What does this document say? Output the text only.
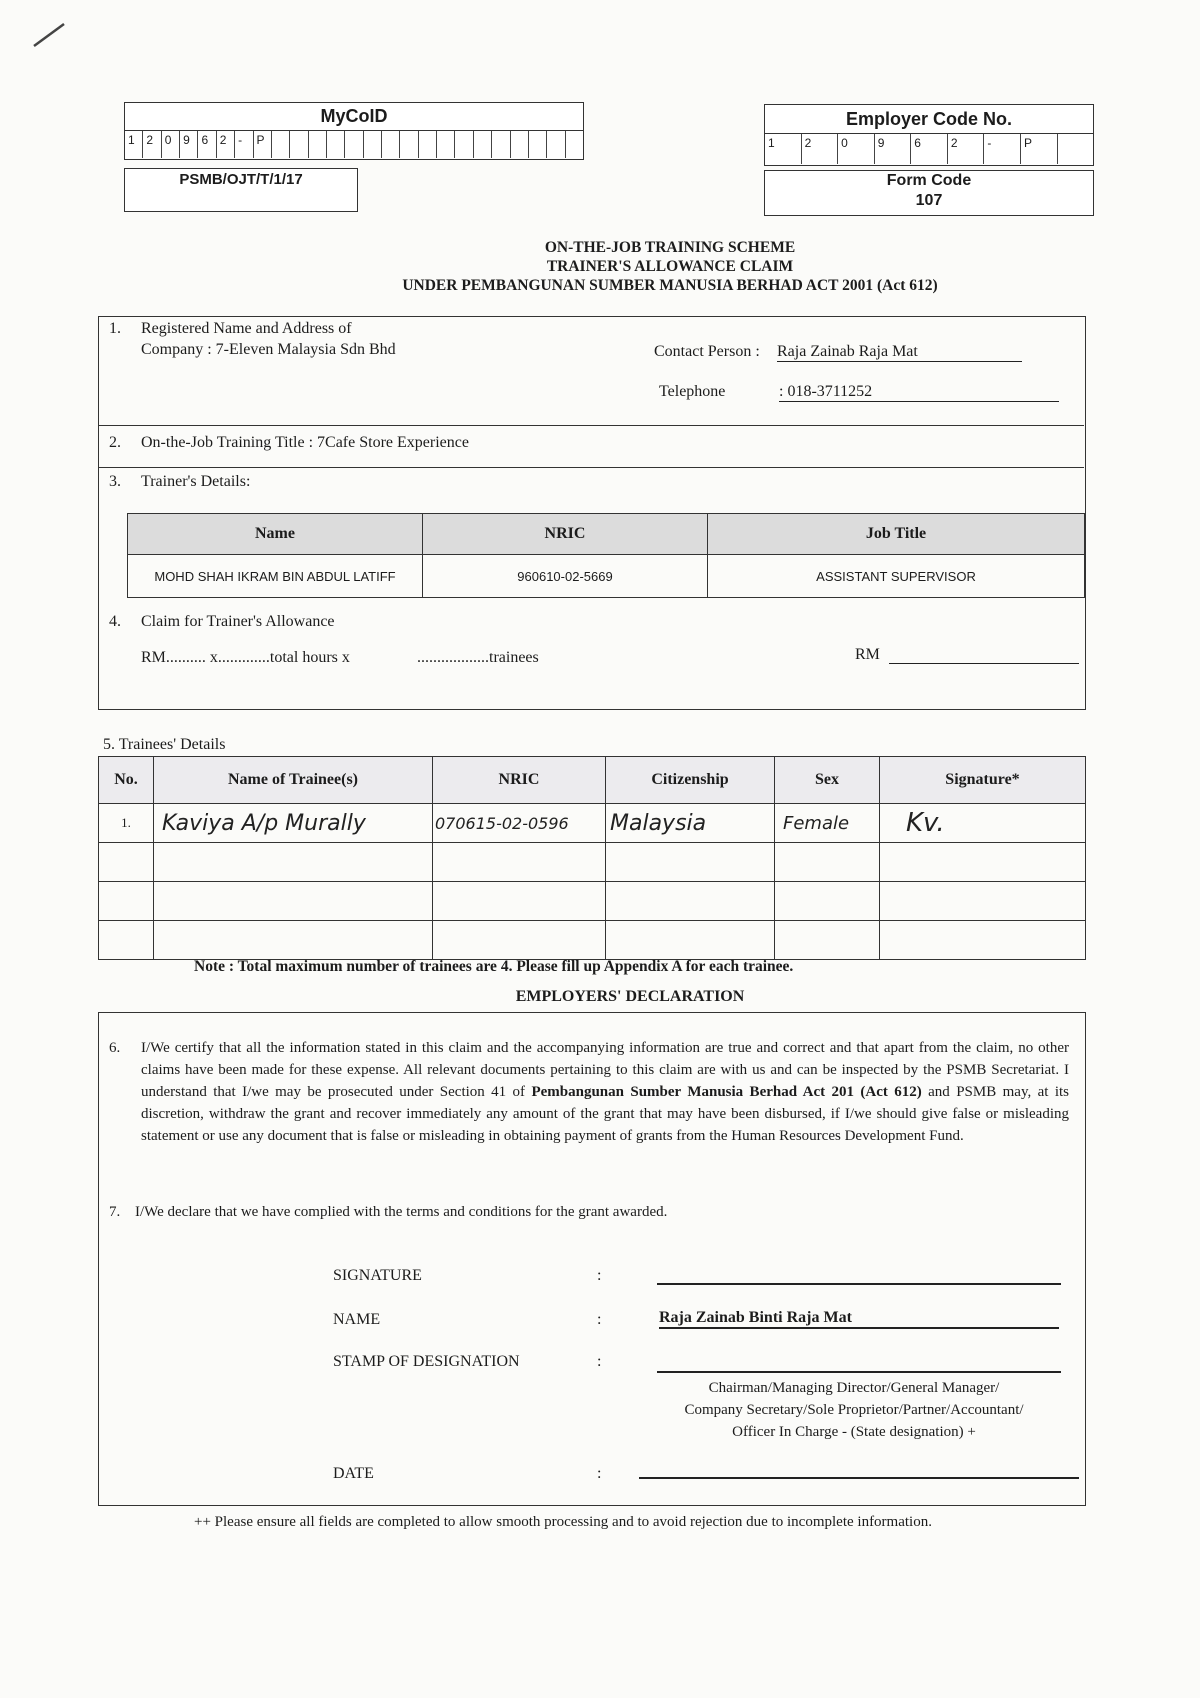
MyCoID
1 2 0 9 6 2 -	P
PSMB/OJT/T/1/17
Employer Code No.
1	2	0	9	6	2	-	P
Form Code
107
ON-THE-JOB TRAINING SCHEME
TRAINER'S ALLOWANCE CLAIM
UNDER PEMBANGUNAN SUMBER MANUSIA BERHAD ACT 2001 (Act 612)
1. Registered Name and Address of
Company : 7-Eleven Malaysia Sdn Bhd	Contact Person : Raja Zainab Raja Mat
Telephone	: 018-3711252
2. On-the-Job Training Title : 7Cafe Store Experience
3. Trainer's Details:
Name	NRIC	Job Title
MOHD SHAH IKRAM BIN ABDUL LATIFF	960610-02-5669	ASSISTANT SUPERVISOR
4. Claim for Trainer's Allowance
RM.......... x.............total hours x	..................trainees	RM
5. Trainees' Details
No.	Name of Trainee(s)	NRIC	Citizenship	Sex	Signature*
1.	Kaviya A/p Murally	070615-02-0596	Malaysia	Female	Kv.

Note : Total maximum number of trainees are 4. Please fill up Appendix A for each trainee.
EMPLOYERS' DECLARATION
6. I/We certify that all the information stated in this claim and the accompanying information are true and correct and that apart from the claim, no other claims have been made for these expense. All relevant documents pertaining to this claim are with us and can be inspected by the PSMB Secretariat. I understand that I/we may be prosecuted under Section 41 of Pembangunan Sumber Manusia Berhad Act 201 (Act 612) and PSMB may, at its discretion, withdraw the grant and recover immediately any amount of the grant that may have been disbursed, if I/we should give false or misleading statement or use any document that is false or misleading in obtaining payment of grants from the Human Resources Development Fund.
7. I/We declare that we have complied with the terms and conditions for the grant awarded.
SIGNATURE	:
NAME	:	Raja Zainab Binti Raja Mat
STAMP OF DESIGNATION	:
Chairman/Managing Director/General Manager/
Company Secretary/Sole Proprietor/Partner/Accountant/
Officer In Charge - (State designation) +
DATE	:
++ Please ensure all fields are completed to allow smooth processing and to avoid rejection due to incomplete information.
